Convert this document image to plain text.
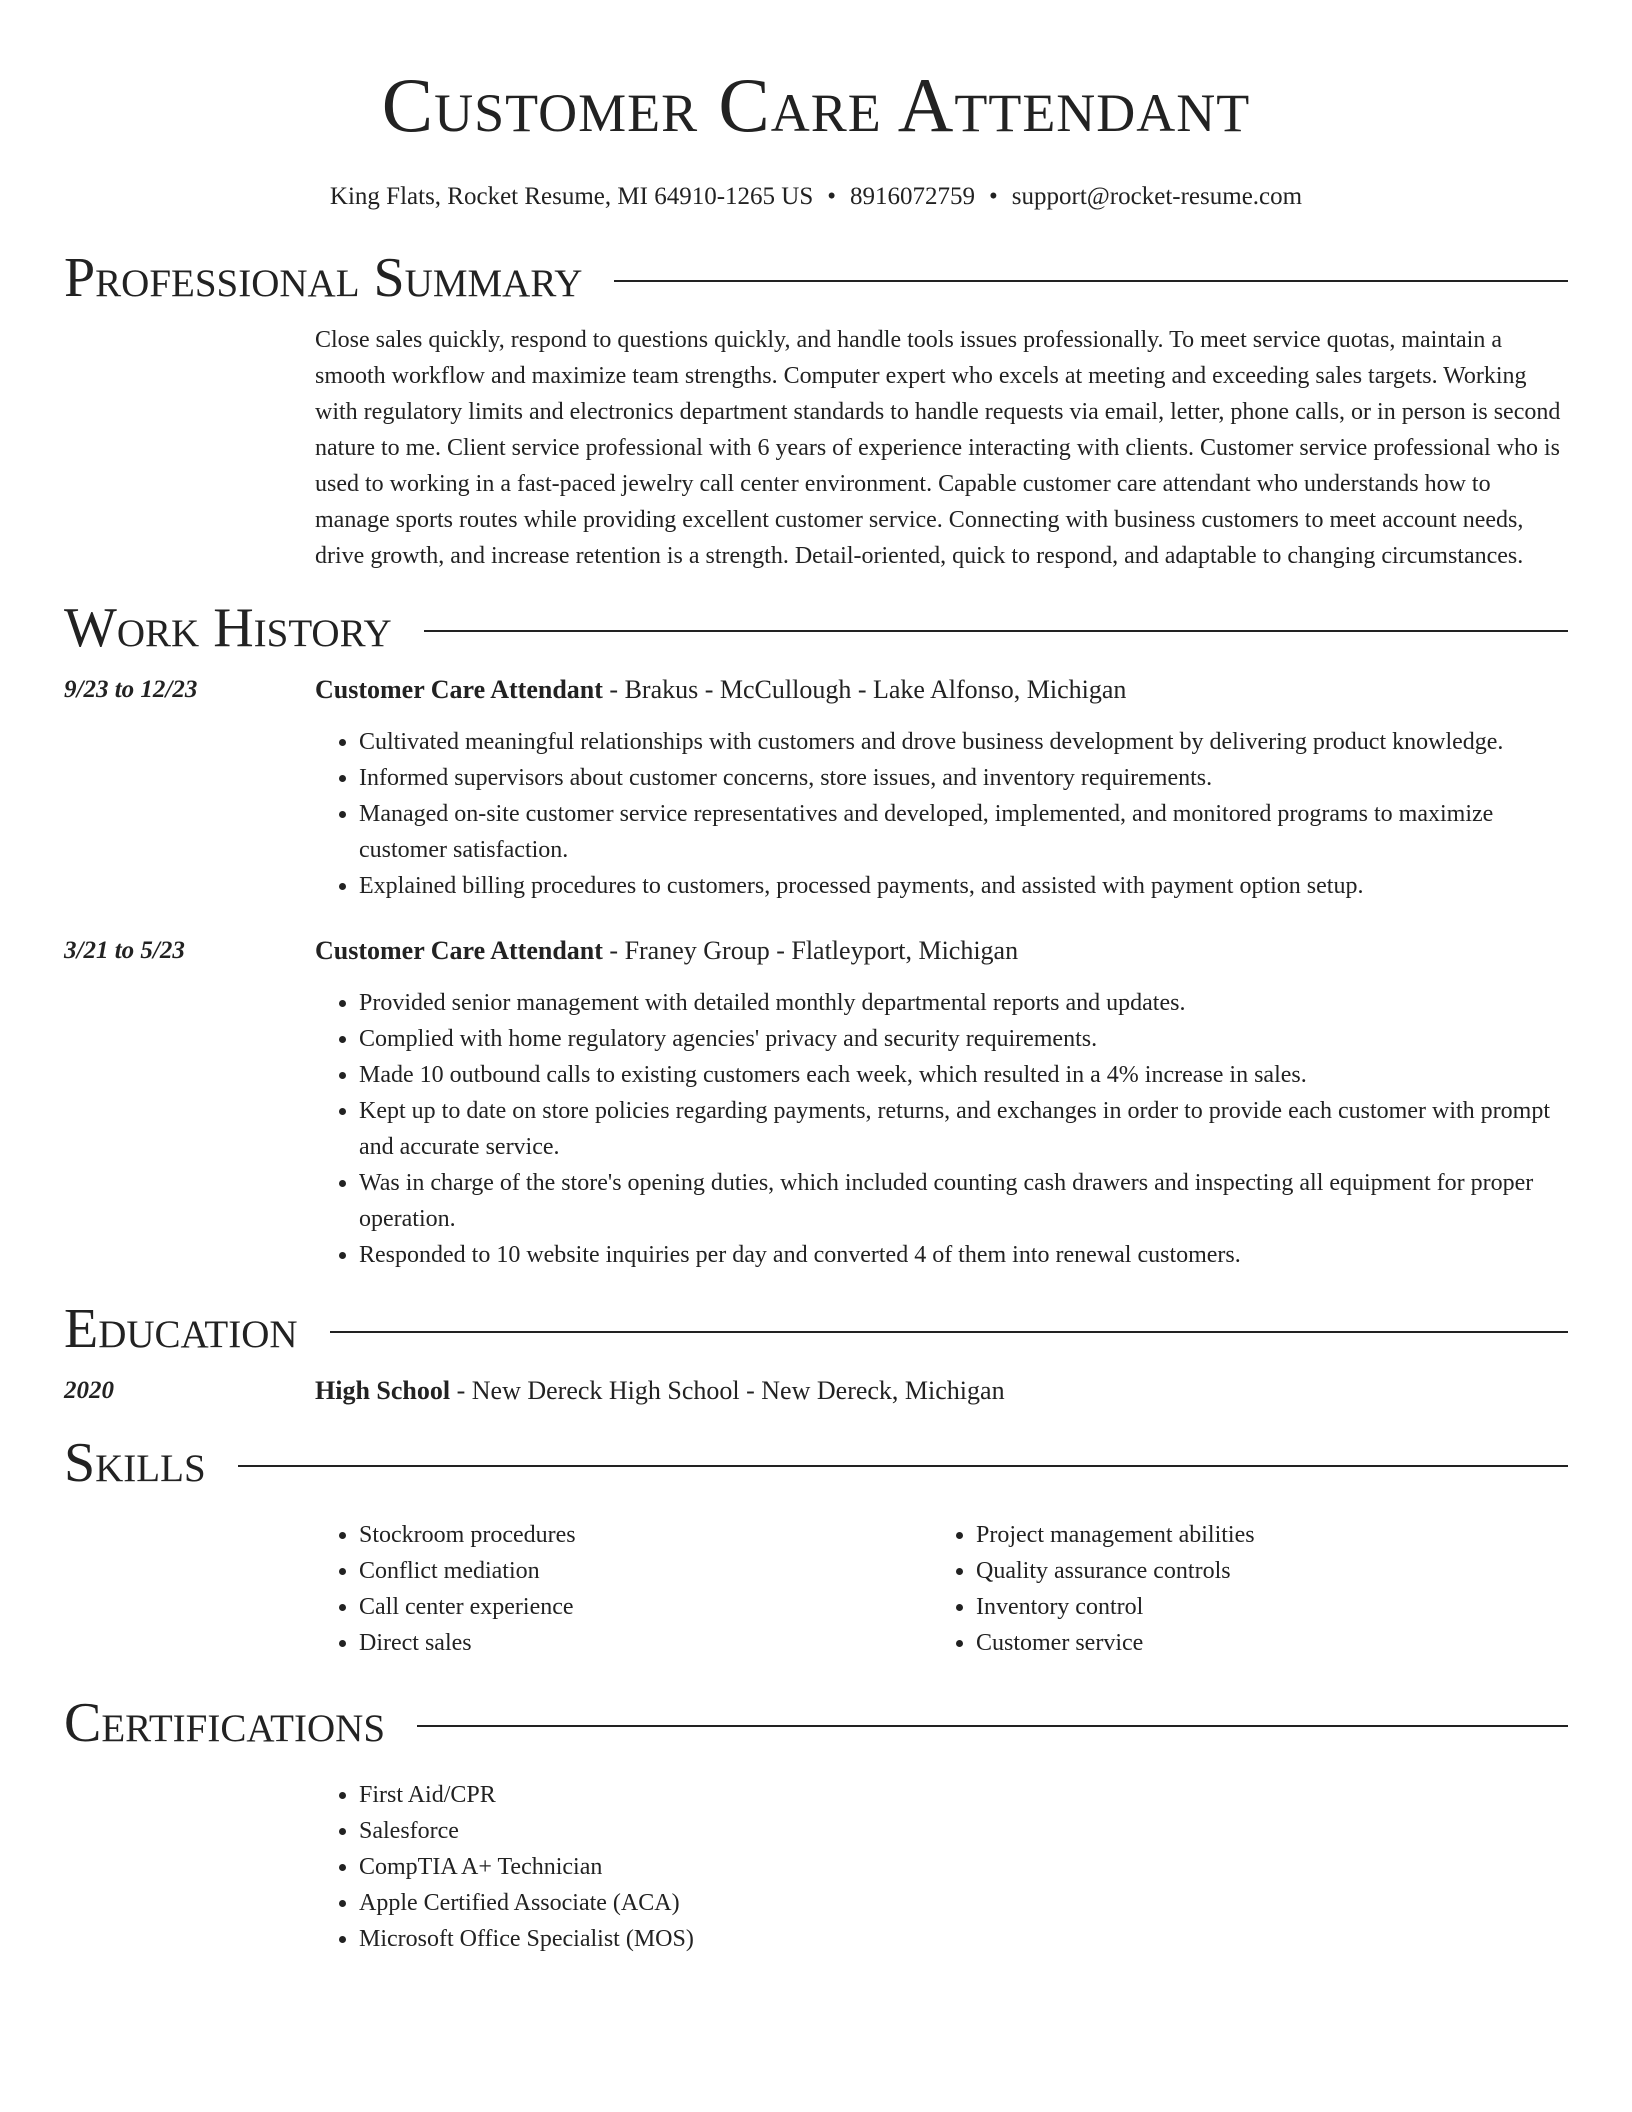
Customer Care Attendant
King Flats, Rocket Resume, MI 64910-1265 US • 8916072759 • support@rocket-resume.com
Professional Summary
Close sales quickly, respond to questions quickly, and handle tools issues professionally. To meet service quotas, maintain a smooth workflow and maximize team strengths. Computer expert who excels at meeting and exceeding sales targets. Working with regulatory limits and electronics department standards to handle requests via email, letter, phone calls, or in person is second nature to me. Client service professional with 6 years of experience interacting with clients. Customer service professional who is used to working in a fast-paced jewelry call center environment. Capable customer care attendant who understands how to manage sports routes while providing excellent customer service. Connecting with business customers to meet account needs, drive growth, and increase retention is a strength. Detail-oriented, quick to respond, and adaptable to changing circumstances.
Work History
9/23 to 12/23	Customer Care Attendant - Brakus - McCullough - Lake Alfonso, Michigan
• Cultivated meaningful relationships with customers and drove business development by delivering product knowledge.
• Informed supervisors about customer concerns, store issues, and inventory requirements.
• Managed on-site customer service representatives and developed, implemented, and monitored programs to maximize customer satisfaction.
• Explained billing procedures to customers, processed payments, and assisted with payment option setup.
3/21 to 5/23	Customer Care Attendant - Franey Group - Flatleyport, Michigan
• Provided senior management with detailed monthly departmental reports and updates.
• Complied with home regulatory agencies' privacy and security requirements.
• Made 10 outbound calls to existing customers each week, which resulted in a 4% increase in sales.
• Kept up to date on store policies regarding payments, returns, and exchanges in order to provide each customer with prompt and accurate service.
• Was in charge of the store's opening duties, which included counting cash drawers and inspecting all equipment for proper operation.
• Responded to 10 website inquiries per day and converted 4 of them into renewal customers.
Education
2020	High School - New Dereck High School - New Dereck, Michigan
Skills
• Stockroom procedures
• Conflict mediation
• Call center experience
• Direct sales
• Project management abilities
• Quality assurance controls
• Inventory control
• Customer service
Certifications
• First Aid/CPR
• Salesforce
• CompTIA A+ Technician
• Apple Certified Associate (ACA)
• Microsoft Office Specialist (MOS)
